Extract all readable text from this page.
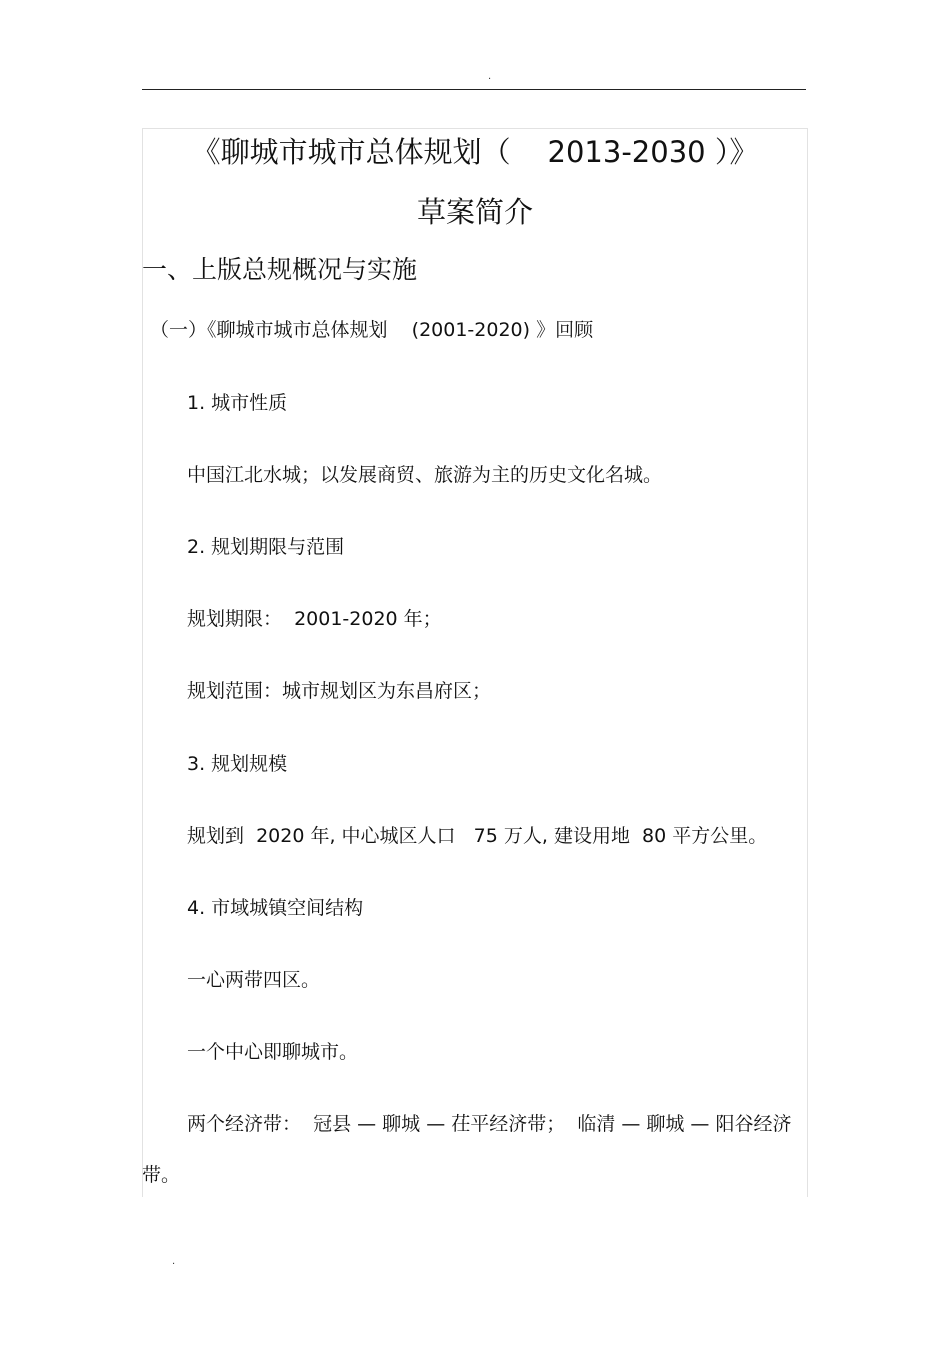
.
《聊城市城市总体规划（    2013-2030 ）》
草案简介
一、上版总规概况与实施
（一）《聊城市城市总体规划    (2001-2020) 》回顾
1. 城市性质
中国江北水城；以发展商贸、旅游为主的历史文化名城。
2. 规划期限与范围
规划期限：  2001-2020 年；
规划范围：城市规划区为东昌府区；
3. 规划规模
规划到  2020 年, 中心城区人口   75 万人, 建设用地  80 平方公里。
4. 市域城镇空间结构
一心两带四区。
一个中心即聊城市。
两个经济带：  冠县 — 聊城 — 茌平经济带；  临清 — 聊城 — 阳谷经济
带。
.
